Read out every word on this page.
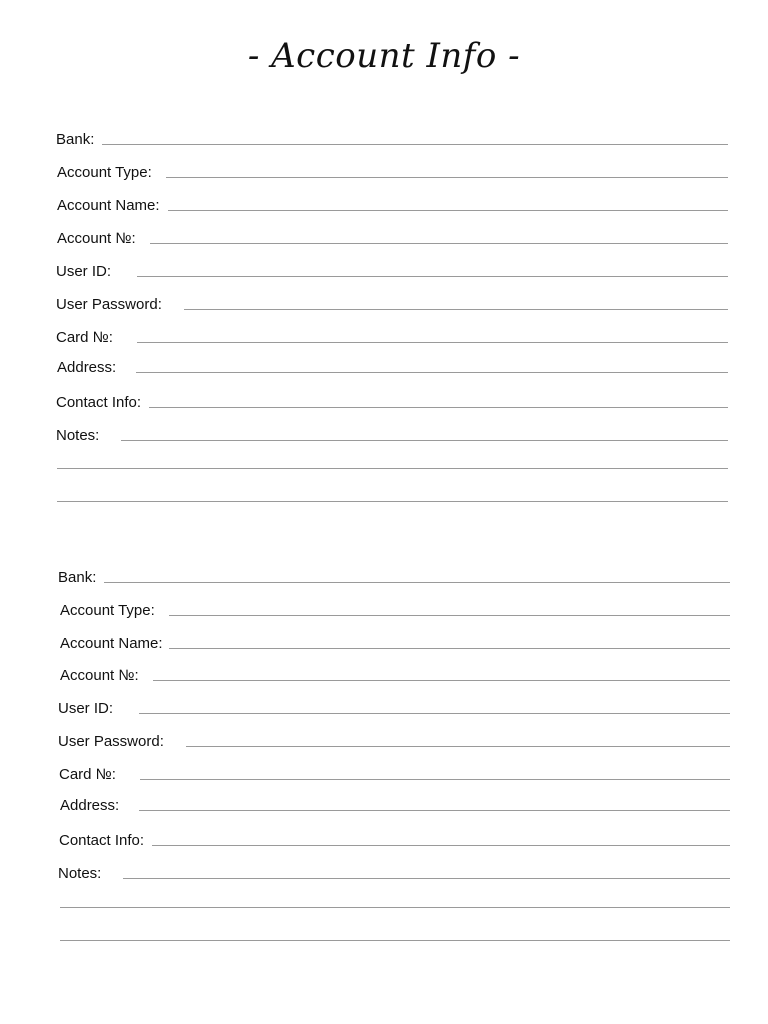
- Account Info -
Bank:
Account Type:
Account Name:
Account №:
User ID:
User Password:
Card №:
Address:
Contact Info:
Notes:
Bank:
Account Type:
Account Name:
Account №:
User ID:
User Password:
Card №:
Address:
Contact Info:
Notes:
